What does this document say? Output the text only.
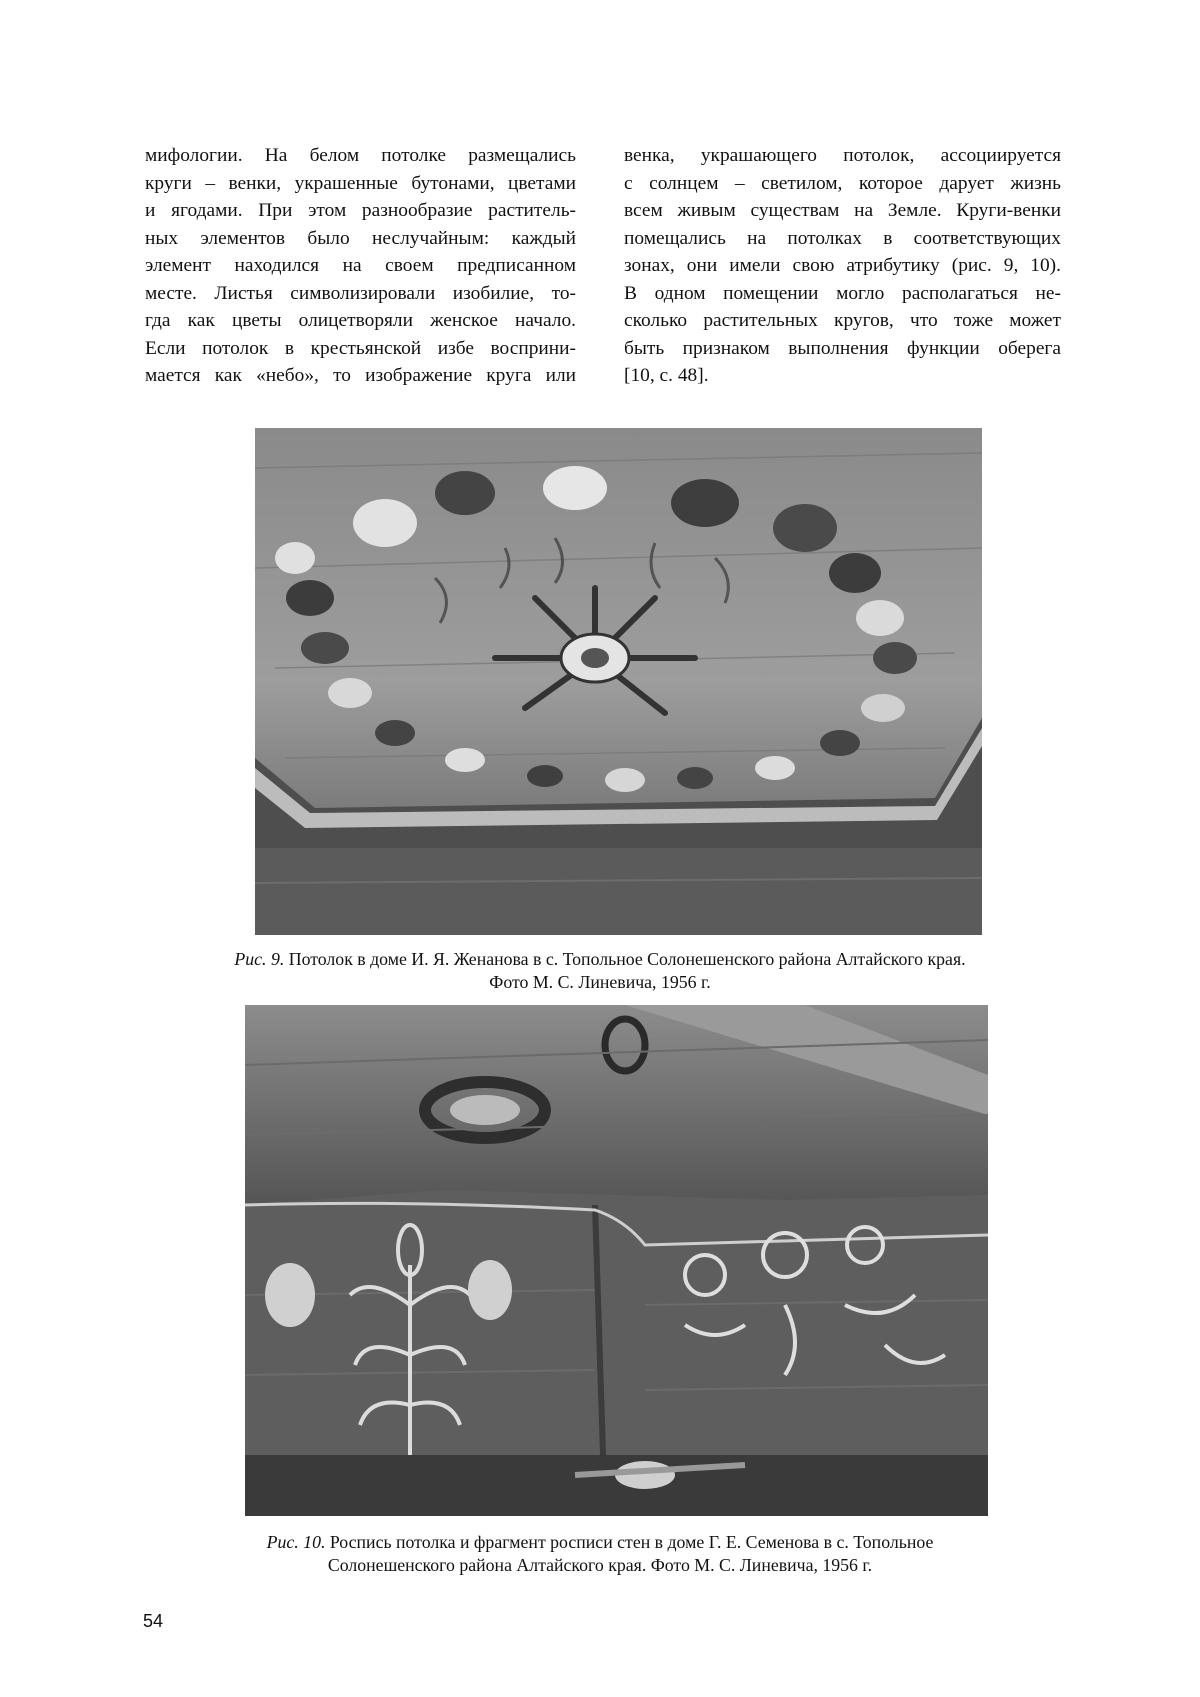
мифологии. На белом потолке размещались
круги – венки, украшенные бутонами, цветами
и ягодами. При этом разнообразие раститель-
ных элементов было неслучайным: каждый
элемент находился на своем предписанном
месте. Листья символизировали изобилие, то-
гда как цветы олицетворяли женское начало.
Если потолок в крестьянской избе восприни-
мается как «небо», то изображение круга или
венка, украшающего потолок, ассоциируется
с солнцем – светилом, которое дарует жизнь
всем живым существам на Земле. Круги-венки
помещались на потолках в соответствующих
зонах, они имели свою атрибутику (рис. 9, 10).
В одном помещении могло располагаться не-
сколько растительных кругов, что тоже может
быть признаком выполнения функции оберега
[10, с. 48].
Рис. 9. Потолок в доме И. Я. Женанова в с. Топольное Солонешенского района Алтайского края.
Фото М. С. Линевича, 1956 г.
Рис. 10. Роспись потолка и фрагмент росписи стен в доме Г. Е. Семенова в с. Топольное
Солонешенского района Алтайского края. Фото М. С. Линевича, 1956 г.
54
